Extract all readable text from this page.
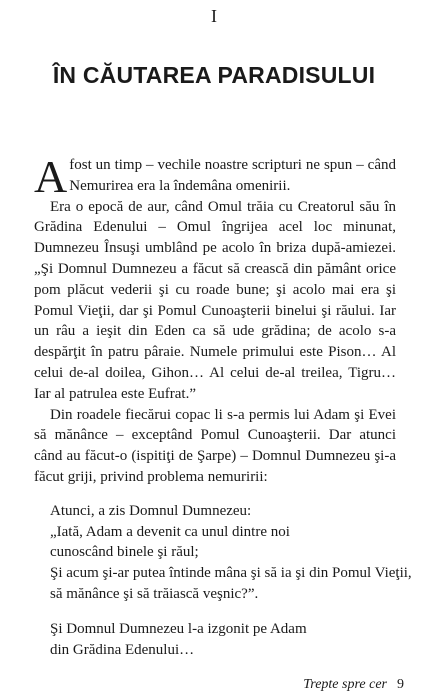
I
ÎN CĂUTAREA PARADISULUI

Afost un timp – vechile noastre scripturi ne spun – când Nemurirea era la îndemâna omenirii.

Era o epocă de aur, când Omul trăia cu Creatorul său în Grădina Edenului – Omul îngrijea acel loc minunat, Dumnezeu Însuşi umblând pe acolo în briza după-amiezei. „Şi Domnul Dumnezeu a făcut să crească din pământ orice pom plăcut vederii şi cu roade bune; şi acolo mai era şi Pomul Vieţii, dar şi Pomul Cunoaşterii binelui şi răului. Iar un râu a ieşit din Eden ca să ude grădina; de acolo s-a despărţit în patru pâraie. Numele primului este Pison… Al celui de-al doilea, Gihon… Al celui de-al treilea, Tigru… Iar al patrulea este Eufrat.”

Din roadele fiecărui copac li s-a permis lui Adam şi Evei să mănânce – exceptând Pomul Cunoaşterii. Dar atunci când au făcut-o (ispitiţi de Şarpe) – Domnul Dumnezeu şi-a făcut griji, privind problema nemuririi:

Atunci, a zis Domnul Dumnezeu:
„Iată, Adam a devenit ca unul dintre noi
cunoscând binele şi răul;
Şi acum şi-ar putea întinde mâna şi să ia şi din Pomul Vieţii,
să mănânce şi să trăiască veşnic?”.
Şi Domnul Dumnezeu l-a izgonit pe Adam
din Grădina Edenului…
Trepte spre cer 9
